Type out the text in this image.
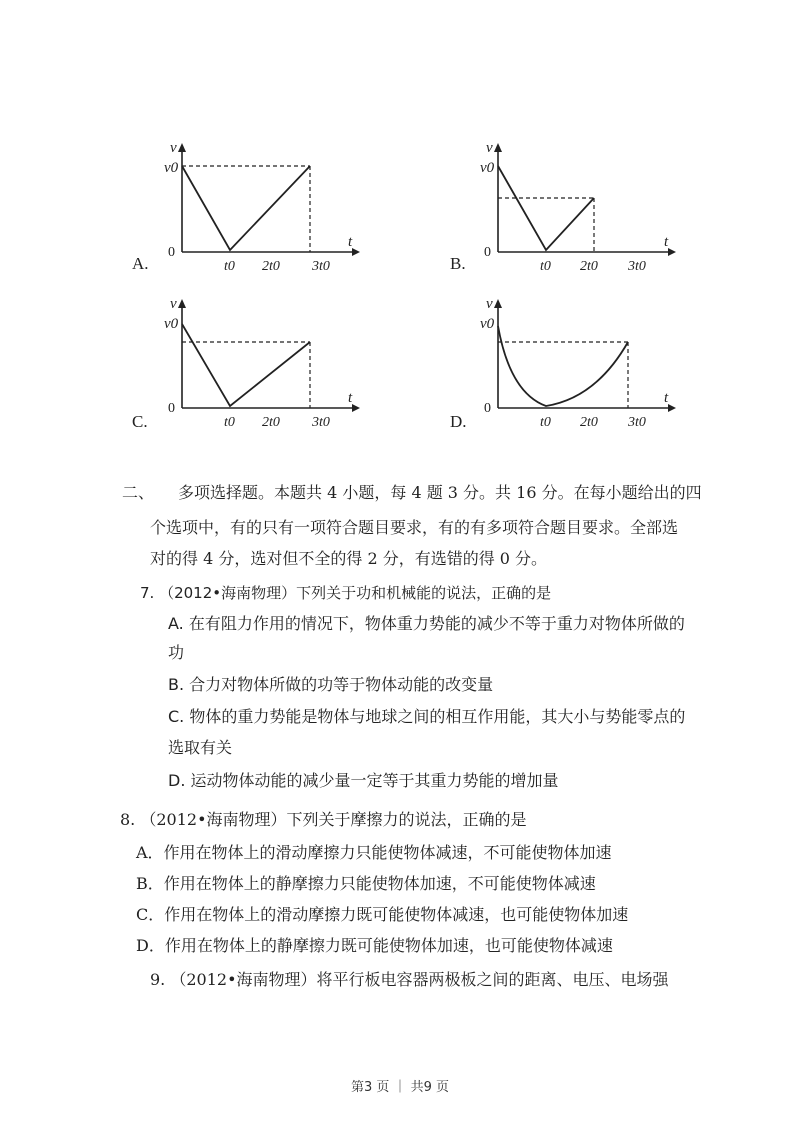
v
v0
0
t
t0 2t0 3t0
A.
v
v0
0
t
t0 2t0 3t0
B.
v
v0
0
t
t0 2t0 3t0
C.
v
v0
0
t
t0 2t0 3t0
D.
二、 多项选择题。本题共 4 小题，每 4 题 3 分。共 16 分。在每小题给出的四
个选项中，有的只有一项符合题目要求，有的有多项符合题目要求。全部选
对的得 4 分，选对但不全的得 2 分，有选错的得 0 分。
7. （2012•海南物理）下列关于功和机械能的说法，正确的是
A. 在有阻力作用的情况下，物体重力势能的减少不等于重力对物体所做的
功
B. 合力对物体所做的功等于物体动能的改变量
C. 物体的重力势能是物体与地球之间的相互作用能，其大小与势能零点的
选取有关
D. 运动物体动能的减少量一定等于其重力势能的增加量
8. （2012•海南物理）下列关于摩擦力的说法，正确的是
A．作用在物体上的滑动摩擦力只能使物体减速，不可能使物体加速
B．作用在物体上的静摩擦力只能使物体加速，不可能使物体减速
C．作用在物体上的滑动摩擦力既可能使物体减速，也可能使物体加速
D．作用在物体上的静摩擦力既可能使物体加速，也可能使物体减速
9. （2012•海南物理）将平行板电容器两极板之间的距离、电压、电场强
第3 页 ｜ 共9 页
